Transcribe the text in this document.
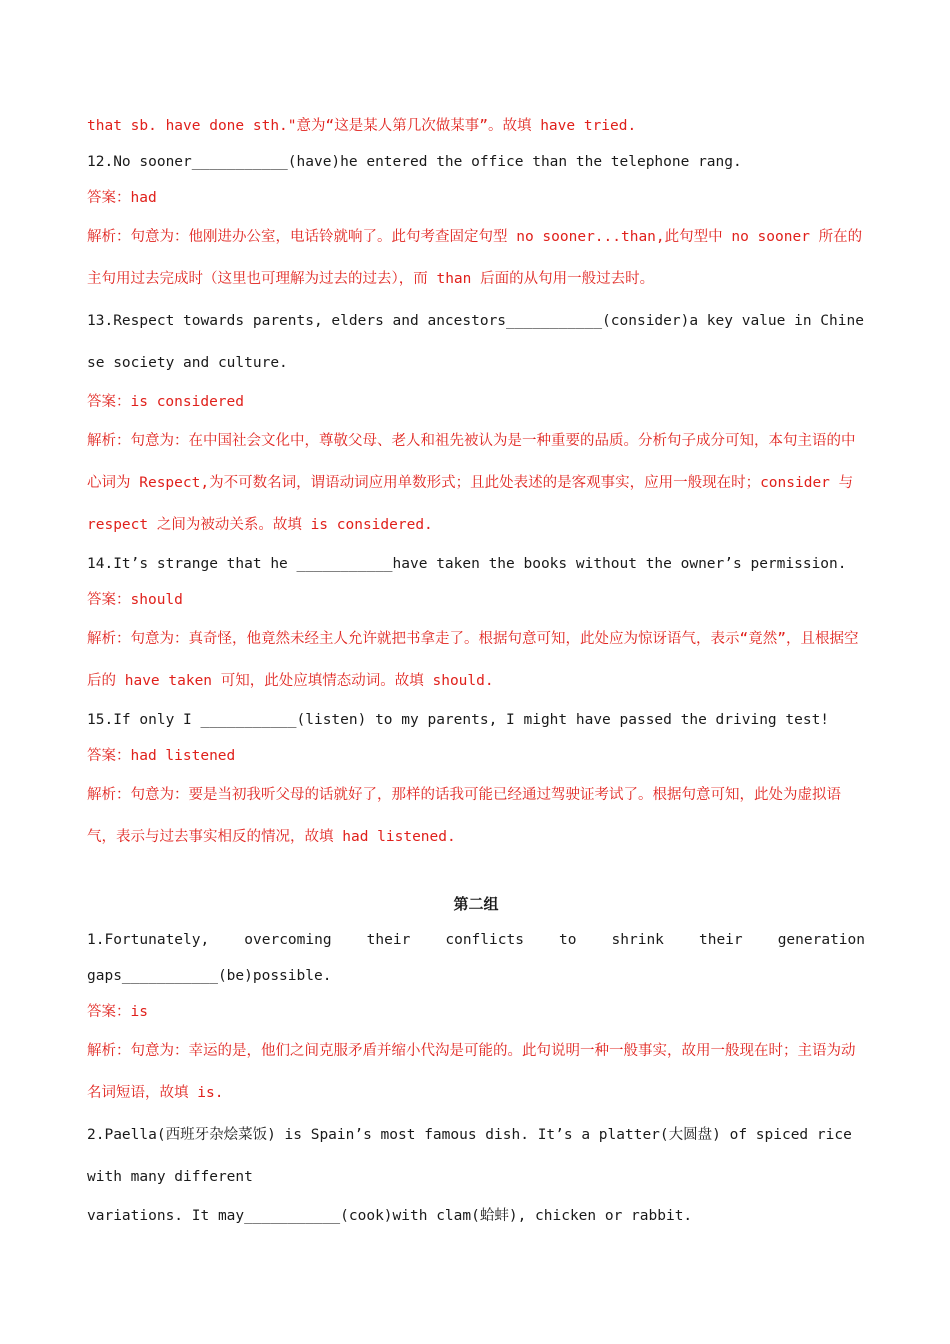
that sb. have done sth."意为“这是某人第几次做某事”。故填 have tried.

12.No sooner___________(have)he entered the office than the telephone rang.

答案：had

解析：句意为：他刚进办公室，电话铃就响了。此句考查固定句型 no sooner...than,此句型中 no sooner 所在的主句用过去完成时（这里也可理解为过去的过去），而 than 后面的从句用一般过去时。

13.Respect towards parents, elders and ancestors___________(consider)a key value in Chinese society and culture.

答案：is considered

解析：句意为：在中国社会文化中，尊敬父母、老人和祖先被认为是一种重要的品质。分析句子成分可知，本句主语的中心词为 Respect,为不可数名词，谓语动词应用单数形式；且此处表述的是客观事实，应用一般现在时；consider 与 respect 之间为被动关系。故填 is considered.

14.It’s strange that he ___________have taken the books without the owner’s permission.

答案：should

解析：句意为：真奇怪，他竟然未经主人允许就把书拿走了。根据句意可知，此处应为惊讶语气，表示“竟然”，且根据空后的 have taken 可知，此处应填情态动词。故填 should.

15.If only I ___________(listen) to my parents, I might have passed the driving test!

答案：had listened

解析：句意为：要是当初我听父母的话就好了，那样的话我可能已经通过驾驶证考试了。根据句意可知，此处为虚拟语气，表示与过去事实相反的情况，故填 had listened.

第二组

1.Fortunately, overcoming their conflicts to shrink their generation

gaps___________(be)possible.

答案：is

解析：句意为：幸运的是，他们之间克服矛盾并缩小代沟是可能的。此句说明一种一般事实，故用一般现在时；主语为动名词短语，故填 is.

2.Paella(西班牙杂烩菜饭) is Spain’s most famous dish. It’s a platter(大圆盘) of spiced rice with many different

variations. It may___________(cook)with clam(蛤蚌), chicken or rabbit.
